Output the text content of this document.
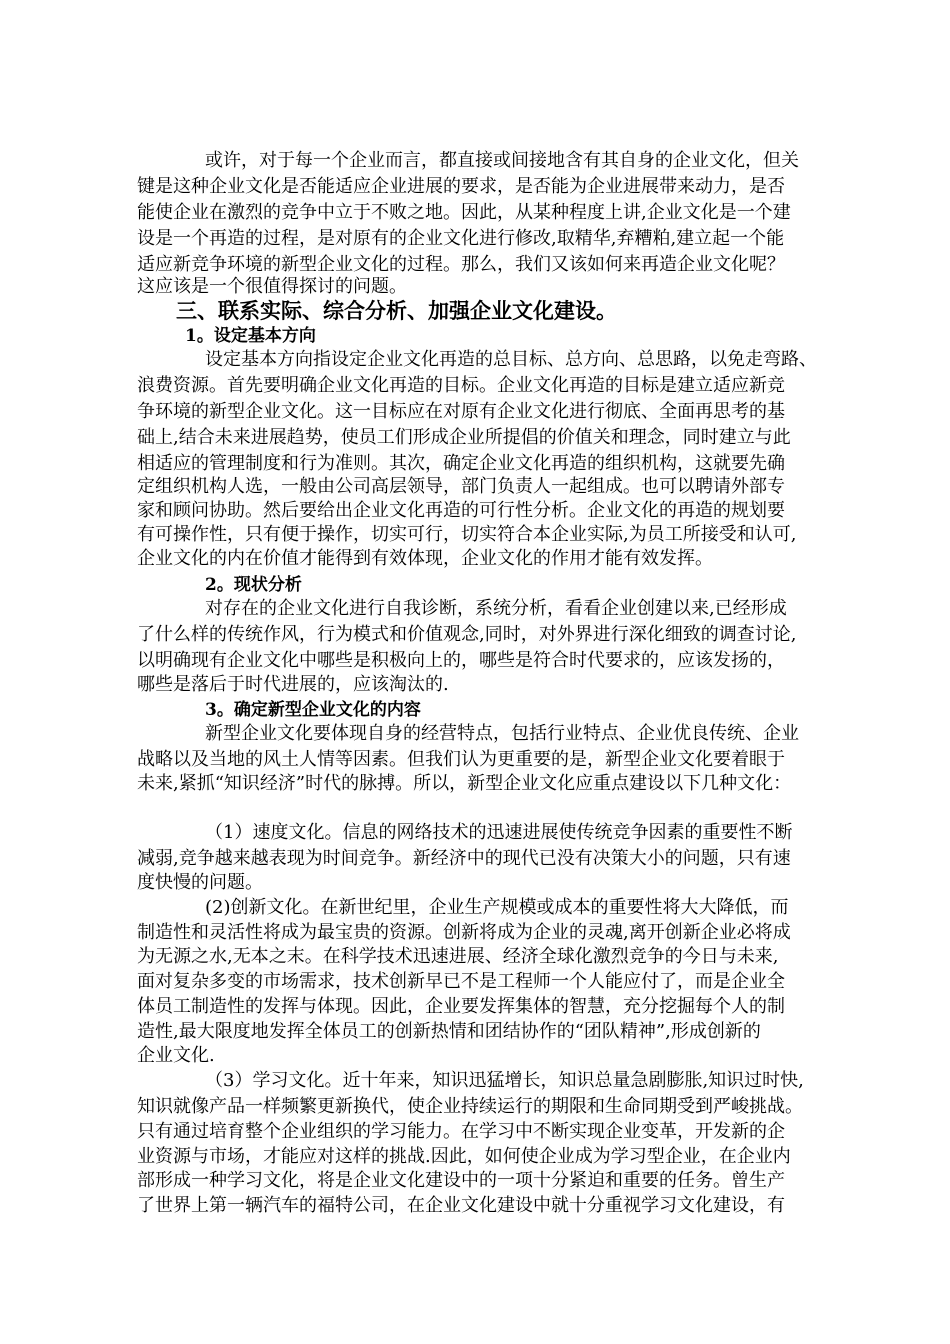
或许，对于每一个企业而言，都直接或间接地含有其自身的企业文化，但关
键是这种企业文化是否能适应企业进展的要求，是否能为企业进展带来动力，是否
能使企业在激烈的竞争中立于不败之地。因此，从某种程度上讲,企业文化是一个建
设是一个再造的过程，是对原有的企业文化进行修改,取精华,弃糟粕,建立起一个能
适应新竞争环境的新型企业文化的过程。那么，我们又该如何来再造企业文化呢？
这应该是一个很值得探讨的问题。
三、联系实际、综合分析、加强企业文化建设。
1。设定基本方向
设定基本方向指设定企业文化再造的总目标、总方向、总思路，以免走弯路、
浪费资源。首先要明确企业文化再造的目标。企业文化再造的目标是建立适应新竞
争环境的新型企业文化。这一目标应在对原有企业文化进行彻底、全面再思考的基
础上,结合未来进展趋势，使员工们形成企业所提倡的价值关和理念，同时建立与此
相适应的管理制度和行为准则。其次，确定企业文化再造的组织机构，这就要先确
定组织机构人选，一般由公司高层领导，部门负责人一起组成。也可以聘请外部专
家和顾问协助。然后要给出企业文化再造的可行性分析。企业文化的再造的规划要
有可操作性，只有便于操作，切实可行，切实符合本企业实际,为员工所接受和认可,
企业文化的内在价值才能得到有效体现，企业文化的作用才能有效发挥。
2。现状分析
对存在的企业文化进行自我诊断，系统分析，看看企业创建以来,已经形成
了什么样的传统作风，行为模式和价值观念,同时，对外界进行深化细致的调查讨论,
以明确现有企业文化中哪些是积极向上的，哪些是符合时代要求的，应该发扬的，
哪些是落后于时代进展的，应该淘汰的.
3。确定新型企业文化的内容
新型企业文化要体现自身的经营特点，包括行业特点、企业优良传统、企业
战略以及当地的风土人情等因素。但我们认为更重要的是，新型企业文化要着眼于
未来,紧抓“知识经济”时代的脉搏。所以，新型企业文化应重点建设以下几种文化：
（1）速度文化。信息的网络技术的迅速进展使传统竞争因素的重要性不断
减弱,竞争越来越表现为时间竞争。新经济中的现代已没有决策大小的问题，只有速
度快慢的问题。
(2)创新文化。在新世纪里，企业生产规模或成本的重要性将大大降低，而
制造性和灵活性将成为最宝贵的资源。创新将成为企业的灵魂,离开创新企业必将成
为无源之水,无本之末。在科学技术迅速进展、经济全球化激烈竞争的今日与未来,
面对复杂多变的市场需求，技术创新早已不是工程师一个人能应付了，而是企业全
体员工制造性的发挥与体现。因此，企业要发挥集体的智慧，充分挖掘每个人的制
造性,最大限度地发挥全体员工的创新热情和团结协作的“团队精神”,形成创新的
企业文化.
（3）学习文化。近十年来，知识迅猛增长，知识总量急剧膨胀,知识过时快,
知识就像产品一样频繁更新换代，使企业持续运行的期限和生命同期受到严峻挑战。
只有通过培育整个企业组织的学习能力。在学习中不断实现企业变革，开发新的企
业资源与市场，才能应对这样的挑战.因此，如何使企业成为学习型企业，在企业内
部形成一种学习文化，将是企业文化建设中的一项十分紧迫和重要的任务。曾生产
了世界上第一辆汽车的福特公司，在企业文化建设中就十分重视学习文化建设，有
